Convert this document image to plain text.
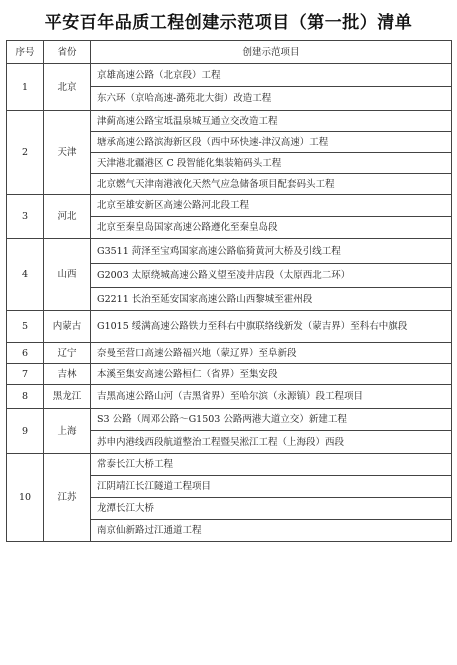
平安百年品质工程创建示范项目（第一批）清单
序号	省份	创建示范项目
1	北京	京雄高速公路（北京段）工程
		东六环（京哈高速-潞苑北大街）改造工程
2	天津	津蓟高速公路宝坻温泉城互通立交改造工程
		塘承高速公路滨海新区段（西中环快速-津汉高速）工程
		天津港北疆港区 C 段智能化集装箱码头工程
		北京燃气天津南港液化天然气应急储备项目配套码头工程
3	河北	北京至雄安新区高速公路河北段工程
		北京至秦皇岛国家高速公路遵化至秦皇岛段
4	山西	G3511 菏泽至宝鸡国家高速公路临猗黄河大桥及引线工程
		G2003 太原绕城高速公路义望至凌井店段（太原西北二环）
		G2211 长治至延安国家高速公路山西黎城至霍州段
5	内蒙古	G1015 绥满高速公路铁力至科右中旗联络线新发（蒙吉界）至科右中旗段
6	辽宁	奈曼至营口高速公路福兴地（蒙辽界）至阜新段
7	吉林	本溪至集安高速公路桓仁（省界）至集安段
8	黑龙江	吉黑高速公路山河（吉黑省界）至哈尔滨（永源镇）段工程项目
9	上海	S3 公路（周邓公路～G1503 公路两港大道立交）新建工程
		苏申内港线西段航道整治工程暨吴淞江工程（上海段）西段
10	江苏	常泰长江大桥工程
		江阴靖江长江隧道工程项目
		龙潭长江大桥
		南京仙新路过江通道工程
